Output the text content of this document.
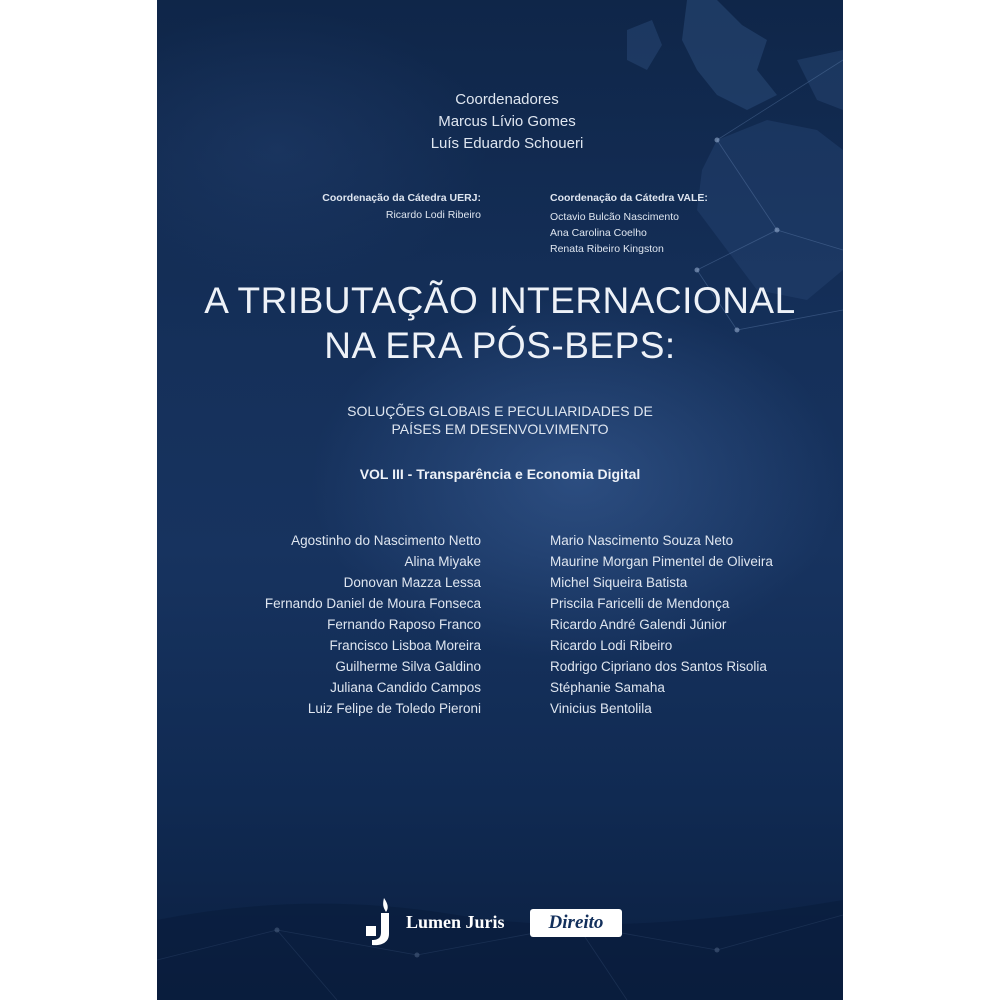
Coordenadores
Marcus Lívio Gomes
Luís Eduardo Schoueri
Coordenação da Cátedra UERJ:
Ricardo Lodi Ribeiro
Coordenação da Cátedra VALE:
Octavio Bulcão Nascimento
Ana Carolina Coelho
Renata Ribeiro Kingston
A TRIBUTAÇÃO INTERNACIONAL
NA ERA PÓS-BEPS:
SOLUÇÕES GLOBAIS E PECULIARIDADES DE
PAÍSES EM DESENVOLVIMENTO
VOL III - Transparência e Economia Digital
Agostinho do Nascimento Netto
Alina Miyake
Donovan Mazza Lessa
Fernando Daniel de Moura Fonseca
Fernando Raposo Franco
Francisco Lisboa Moreira
Guilherme Silva Galdino
Juliana Candido Campos
Luiz Felipe de Toledo Pieroni
Mario Nascimento Souza Neto
Maurine Morgan Pimentel de Oliveira
Michel Siqueira Batista
Priscila Faricelli de Mendonça
Ricardo André Galendi Júnior
Ricardo Lodi Ribeiro
Rodrigo Cipriano dos Santos Risolia
Stéphanie Samaha
Vinicius Bentolila
Lumen Juris	Direito
